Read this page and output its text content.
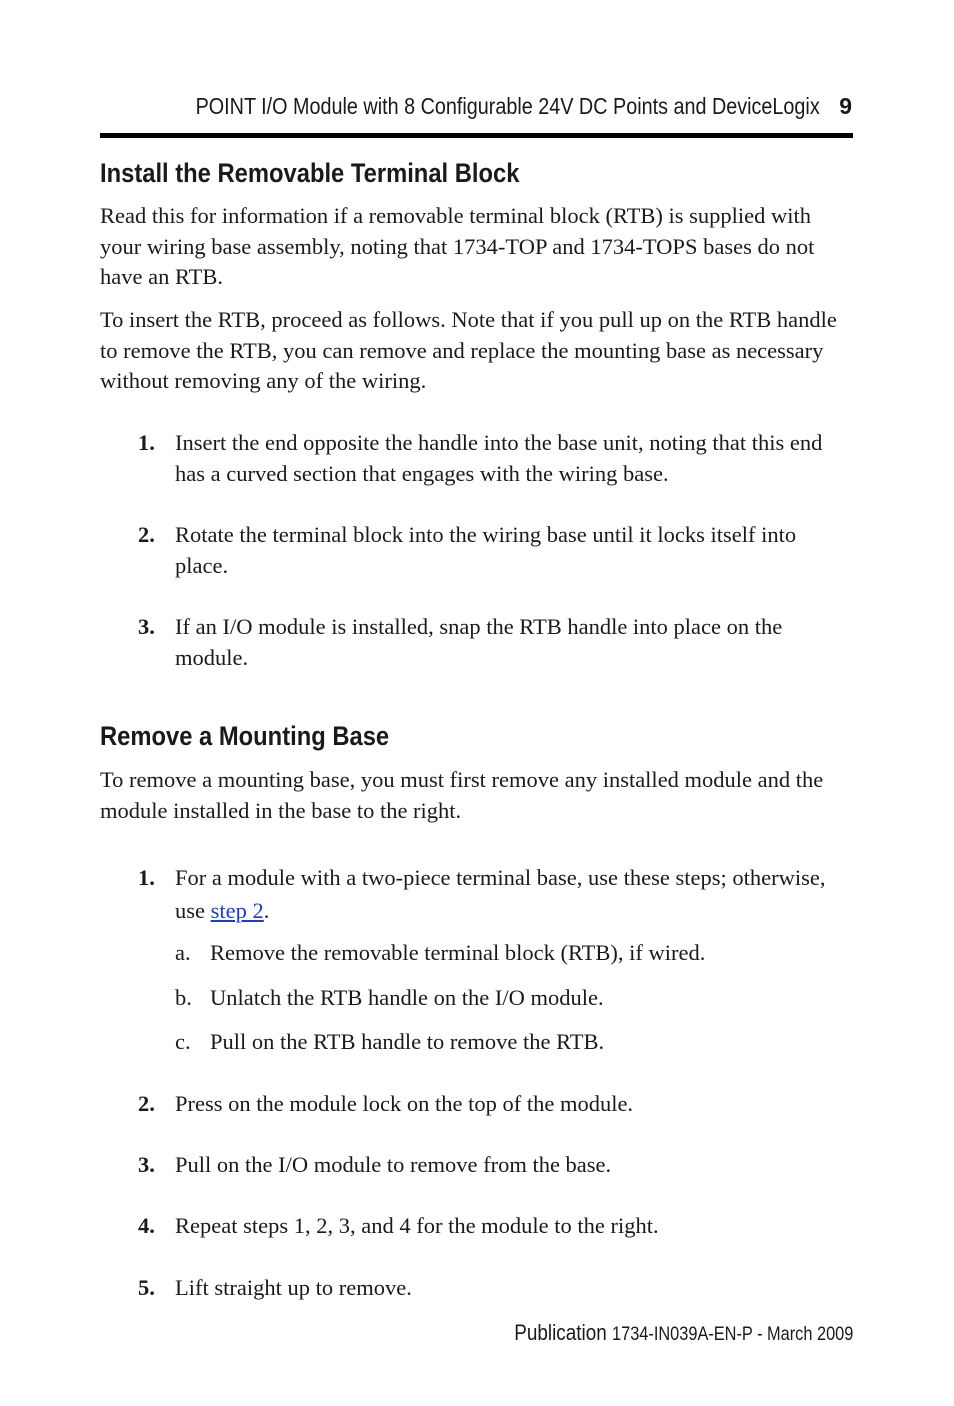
POINT I/O Module with 8 Configurable 24V DC Points and DeviceLogix 9
Install the Removable Terminal Block

Read this for information if a removable terminal block (RTB) is supplied with your wiring base assembly, noting that 1734-TOP and 1734-TOPS bases do not have an RTB.

To insert the RTB, proceed as follows. Note that if you pull up on the RTB handle to remove the RTB, you can remove and replace the mounting base as necessary without removing any of the wiring.

1. Insert the end opposite the handle into the base unit, noting that this end has a curved section that engages with the wiring base.
2. Rotate the terminal block into the wiring base until it locks itself into place.
3. If an I/O module is installed, snap the RTB handle into place on the module.
Remove a Mounting Base

To remove a mounting base, you must first remove any installed module and the module installed in the base to the right.

1. For a module with a two-piece terminal base, use these steps; otherwise, use step 2.
a. Remove the removable terminal block (RTB), if wired.
b. Unlatch the RTB handle on the I/O module.
c. Pull on the RTB handle to remove the RTB.
2. Press on the module lock on the top of the module.
3. Pull on the I/O module to remove from the base.
4. Repeat steps 1, 2, 3, and 4 for the module to the right.
5. Lift straight up to remove.
Publication 1734-IN039A-EN-P - March 2009
